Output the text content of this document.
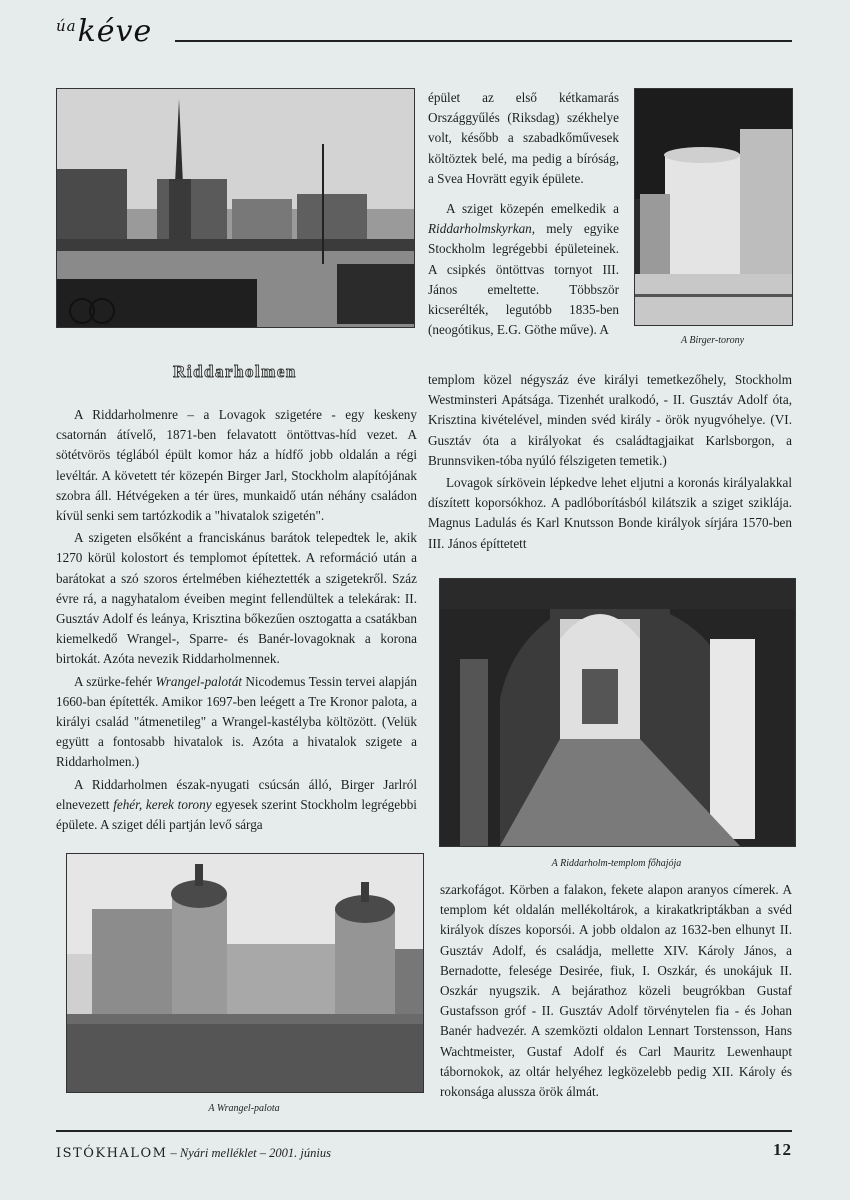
$^{úa}$kéve
A Birger-torony
Riddarholmen

A Riddarholmenre – a Lovagok szigetére - egy keskeny csatornán átívelő, 1871-ben felavatott öntöttvas-híd vezet. A sötétvörös téglából épült komor ház a hídfő jobb oldalán a régi levéltár. A követett tér közepén Birger Jarl, Stockholm alapítójának szobra áll. Hétvégeken a tér üres, munkaidő után néhány családon kívül senki sem tartózkodik a "hivatalok szigetén".

A szigeten elsőként a franciskánus barátok telepedtek le, akik 1270 körül kolostort és templomot építettek. A reformáció után a barátokat a szó szoros értelmében kiéheztették a szigetekről. Száz évre rá, a nagyhatalom éveiben megint fellendültek a telekárak: II. Gusztáv Adolf és leánya, Krisztina bőkezűen osztogatta a csatákban kiemelkedő Wrangel-, Sparre- és Banér-lovagoknak a korona birtokát. Azóta nevezik Riddarholmennek.

A szürke-fehér Wrangel-palotát Nicodemus Tessin tervei alapján 1660-ban építették. Amikor 1697-ben leégett a Tre Kronor palota, a királyi család "átmenetileg" a Wrangel-kastélyba költözött. (Velük együtt a fontosabb hivatalok is. Azóta a hivatalok szigete a Riddarholmen.)

A Riddarholmen észak-nyugati csúcsán álló, Birger Jarlról elnevezett fehér, kerek torony egyesek szerint Stockholm legrégebbi épülete. A sziget déli partján levő sárga

épület az első kétkamarás Országgyűlés (Riksdag) székhelye volt, később a szabadkőművesek költöztek belé, ma pedig a bíróság, a Svea Hovrätt egyik épülete.

A sziget közepén emelkedik a Riddarholmskyrkan, mely egyike Stockholm legrégebbi épületeinek. A csipkés öntöttvas tornyot III. János emeltette. Többször kicserélték, legutóbb 1835-ben (neogótikus, E.G. Göthe műve). A

templom közel négyszáz éve királyi temetkezőhely, Stockholm Westminsteri Apátsága. Tizenhét uralkodó, - II. Gusztáv Adolf óta, Krisztina kivételével, minden svéd király - örök nyugvóhelye. (VI. Gusztáv óta a királyokat és családtagjaikat Karlsborgon, a Brunnsviken-tóba nyúló félszigeten temetik.)

Lovagok sírkövein lépkedve lehet eljutni a koronás királyalakkal díszített koporsókhoz. A padlóborításból kilátszik a sziget sziklája. Magnus Ladulás és Karl Knutsson Bonde királyok sírjára 1570-ben III. János építtetett

A Riddarholm-templom főhajója

szarkofágot. Körben a falakon, fekete alapon aranyos címerek. A templom két oldalán mellékoltárok, a kirakatkriptákban a svéd királyok díszes koporsói. A jobb oldalon az 1632-ben elhunyt II. Gusztáv Adolf, és családja, mellette XIV. Károly János, a Bernadotte, felesége Desirée, fiuk, I. Oszkár, és unokájuk II. Oszkár nyugszik. A bejárathoz közeli beugrókban Gustaf Gustafsson gróf - II. Gusztáv Adolf törvénytelen fia - és Johan Banér hadvezér. A szemközti oldalon Lennart Torstensson, Hans Wachtmeister, Gustaf Adolf és Carl Mauritz Lewenhaupt tábornokok, az oltár helyéhez legközelebb pedig XII. Károly és rokonsága alussza örök álmát.

A Wrangel-palota
ISTÓKHALOM – Nyári melléklet – 2001. június	12
